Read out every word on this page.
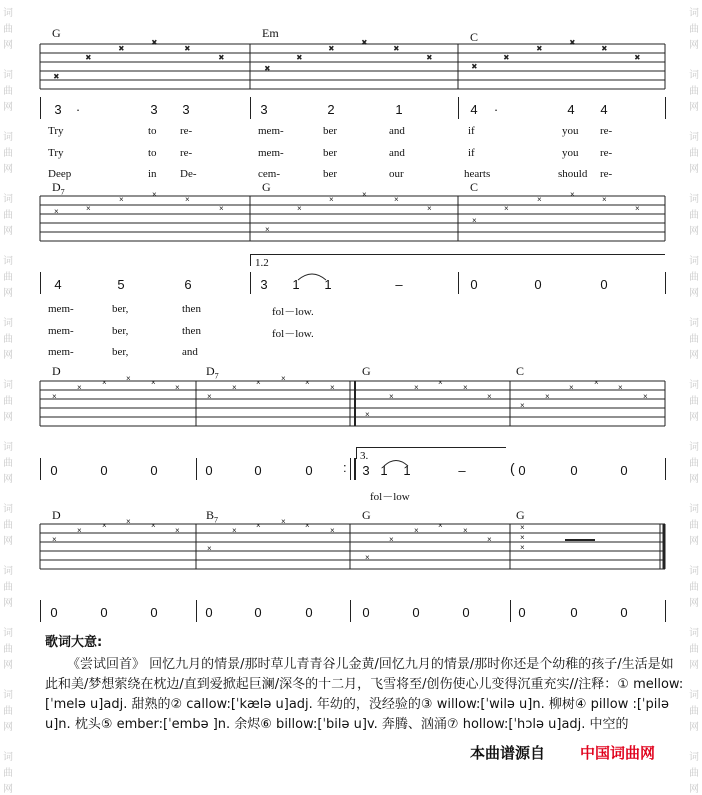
词
曲
网
词
曲
网
词
曲
网
词
曲
网
词
曲
网
词
曲
网
词
曲
网
词
曲
网
词
曲
网
词
曲
网
词
曲
网
词
曲
网
词
曲
网
词
曲
网
词
曲
网
词
曲
网
词
曲
网
词
曲
网
词
曲
网
词
曲
网
词
曲
网
词
曲
网
词
曲
网
词
曲
网
词
曲
网
词
曲
网
G	Em	C
×
×
×
×
×
×
×
×
×
×
×
×
×
×
×
×
×
×
3 ·	3 3	3	2	1	4 ·	4 4
Try	to re-	mem-	ber	and	if	you re-
Try	to re-	mem-	ber	and	if	you re-
Deep	in De-	cem-	ber	our	hearts	should re-
$D_7$	G	C
×	×
×
×
×
×
×
×
×
×
×
×
×
×
×
×
×
×
1.2
4	5	6	3 1 1	–	0	0	0
mem-	ber,	then	fol－low.
mem-	ber,	then	fol－low.
mem-	ber,	and
D	$D_7$	G	C
×
×
× ×	×
×
×
×
×	× ×
×
×
×
×
×
×
×
×
×
×
×
×
×
3.
0	0	0	0	0	0 : 3 1 1	–	( 0	0	0
fol－low
D	$B_7$	G	G
×
×
× ×	×
×
×
×
×	× ×
×
×
×
×
×
×
×
×
×
×
0	0	0	0	0	0	0	0	0	0	0	0
歌词大意:
《尝试回首》 回忆九月的情景/那时草儿青青谷儿金黄/回忆九月的情景/那时你还是个幼稚的孩子/生活是如此和美/梦想萦绕在枕边/直到爱掀起巨澜/深冬的十二月，飞雪将至/创伤使心儿变得沉重充实//注释：① mellow:[ˈmelə u]adj. 甜熟的② callow:[ˈkælə u]adj. 年幼的，没经验的③ willow:[ˈwilə u]n. 柳树④ pillow :[ˈpilə u]n. 枕头⑤ ember:[ˈembə ]n. 余烬⑥ billow:[ˈbilə u]v. 奔腾、汹涌⑦ hollow:[ˈhɔlə u]adj. 中空的
本曲谱源自 中国词曲网
